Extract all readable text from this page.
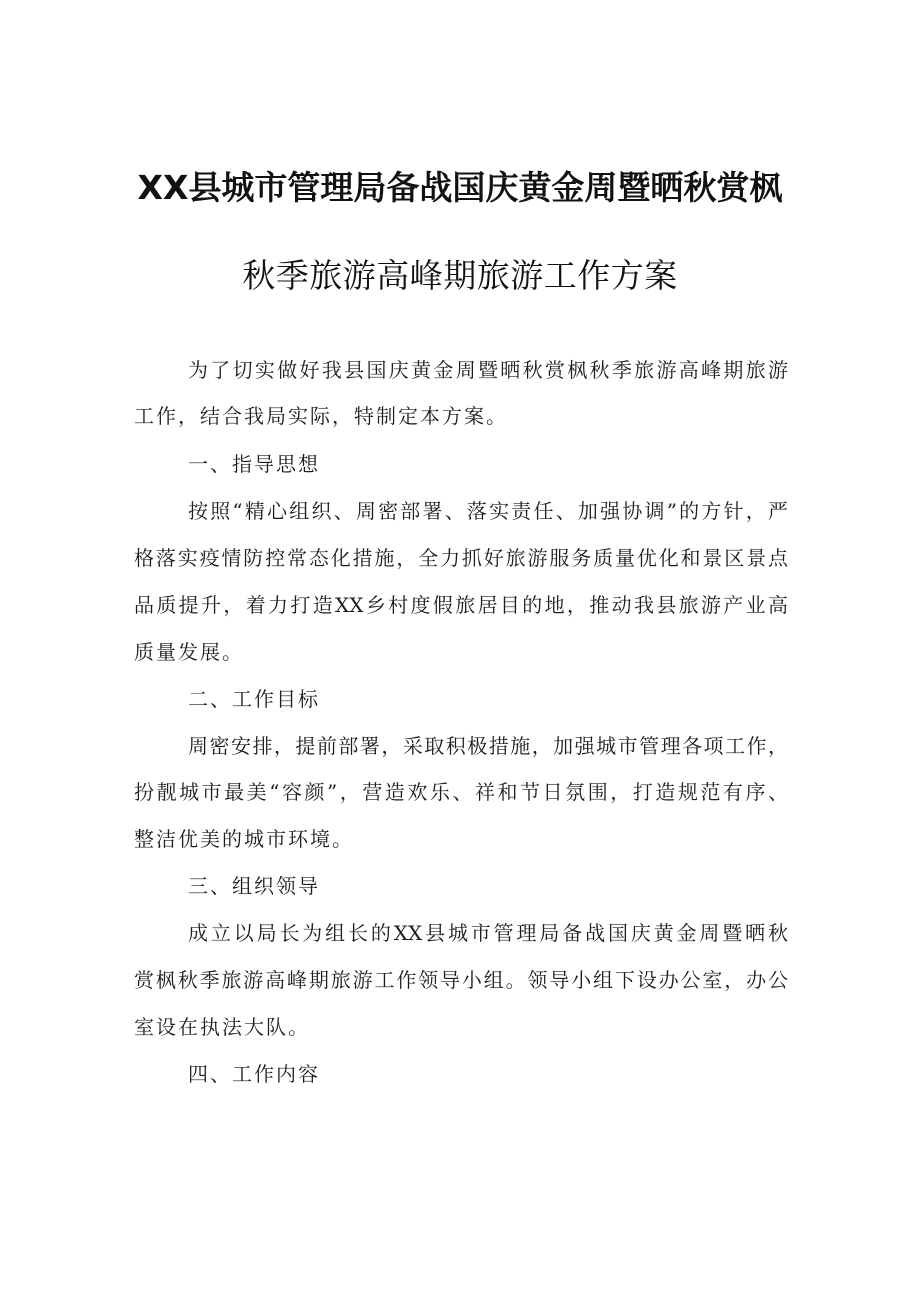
XX县城市管理局备战国庆黄金周暨晒秋赏枫
秋季旅游高峰期旅游工作方案
为了切实做好我县国庆黄金周暨晒秋赏枫秋季旅游高峰期旅游
工作，结合我局实际，特制定本方案。
一、指导思想
按照“精心组织、周密部署、落实责任、加强协调”的方针，严
格落实疫情防控常态化措施，全力抓好旅游服务质量优化和景区景点
品质提升，着力打造XX乡村度假旅居目的地，推动我县旅游产业高
质量发展。
二、工作目标
周密安排，提前部署，采取积极措施，加强城市管理各项工作，
扮靓城市最美“容颜”，营造欢乐、祥和节日氛围，打造规范有序、
整洁优美的城市环境。
三、组织领导
成立以局长为组长的XX县城市管理局备战国庆黄金周暨晒秋
赏枫秋季旅游高峰期旅游工作领导小组。领导小组下设办公室，办公
室设在执法大队。
四、工作内容
